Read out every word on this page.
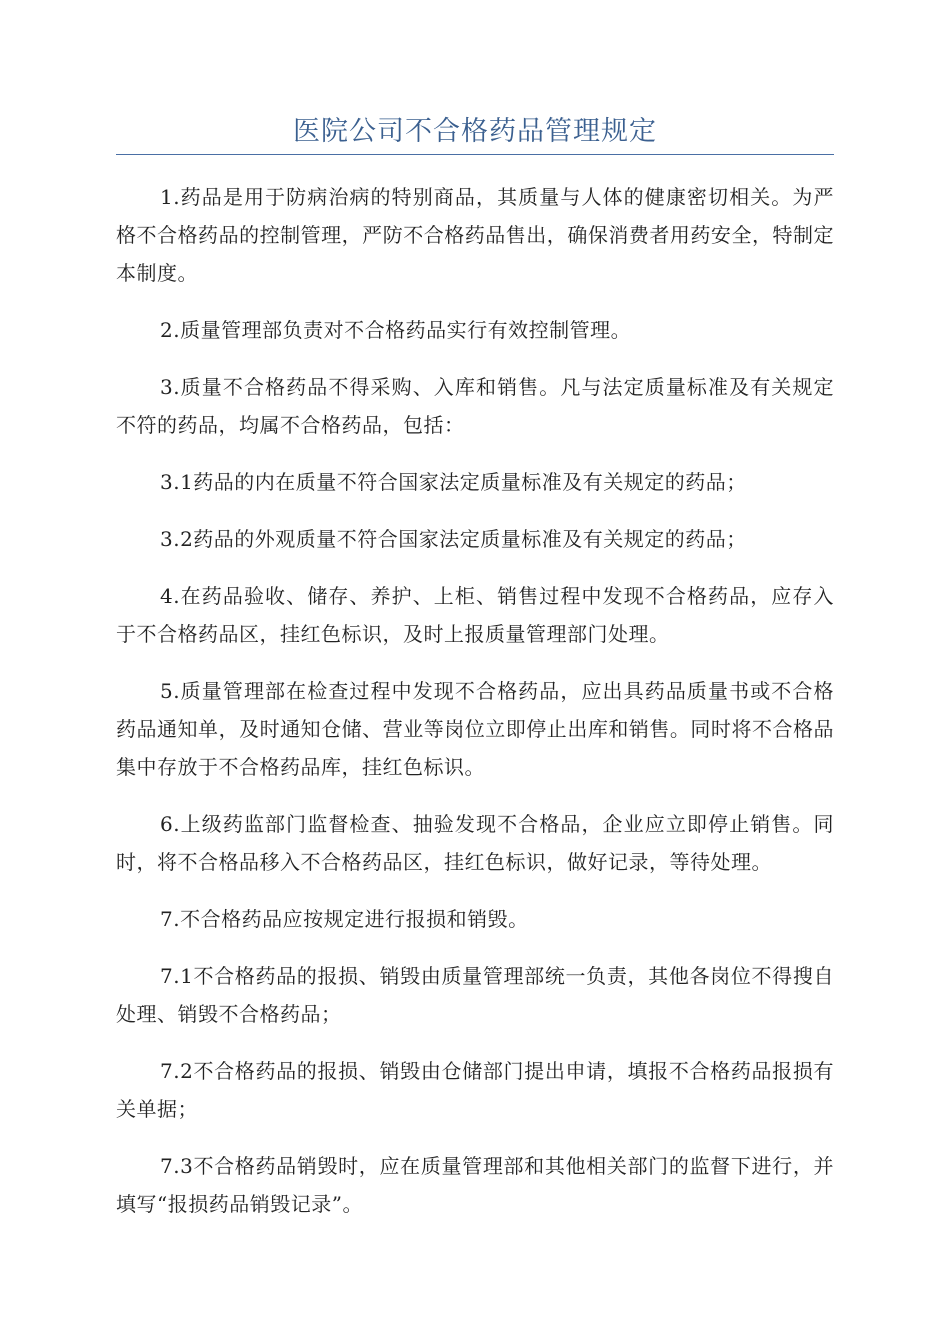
医院公司不合格药品管理规定

1.药品是用于防病治病的特别商品，其质量与人体的健康密切相关。为严格不合格药品的控制管理，严防不合格药品售出，确保消费者用药安全，特制定本制度。

2.质量管理部负责对不合格药品实行有效控制管理。

3.质量不合格药品不得采购、入库和销售。凡与法定质量标准及有关规定不符的药品，均属不合格药品，包括：

3.1药品的内在质量不符合国家法定质量标准及有关规定的药品；

3.2药品的外观质量不符合国家法定质量标准及有关规定的药品；

4.在药品验收、储存、养护、上柜、销售过程中发现不合格药品，应存入于不合格药品区，挂红色标识，及时上报质量管理部门处理。

5.质量管理部在检查过程中发现不合格药品，应出具药品质量书或不合格药品通知单，及时通知仓储、营业等岗位立即停止出库和销售。同时将不合格品集中存放于不合格药品库，挂红色标识。

6.上级药监部门监督检查、抽验发现不合格品，企业应立即停止销售。同时，将不合格品移入不合格药品区，挂红色标识，做好记录，等待处理。

7.不合格药品应按规定进行报损和销毁。

7.1不合格药品的报损、销毁由质量管理部统一负责，其他各岗位不得搜自处理、销毁不合格药品；

7.2不合格药品的报损、销毁由仓储部门提出申请，填报不合格药品报损有关单据；

7.3不合格药品销毁时，应在质量管理部和其他相关部门的监督下进行，并填写“报损药品销毁记录”。
